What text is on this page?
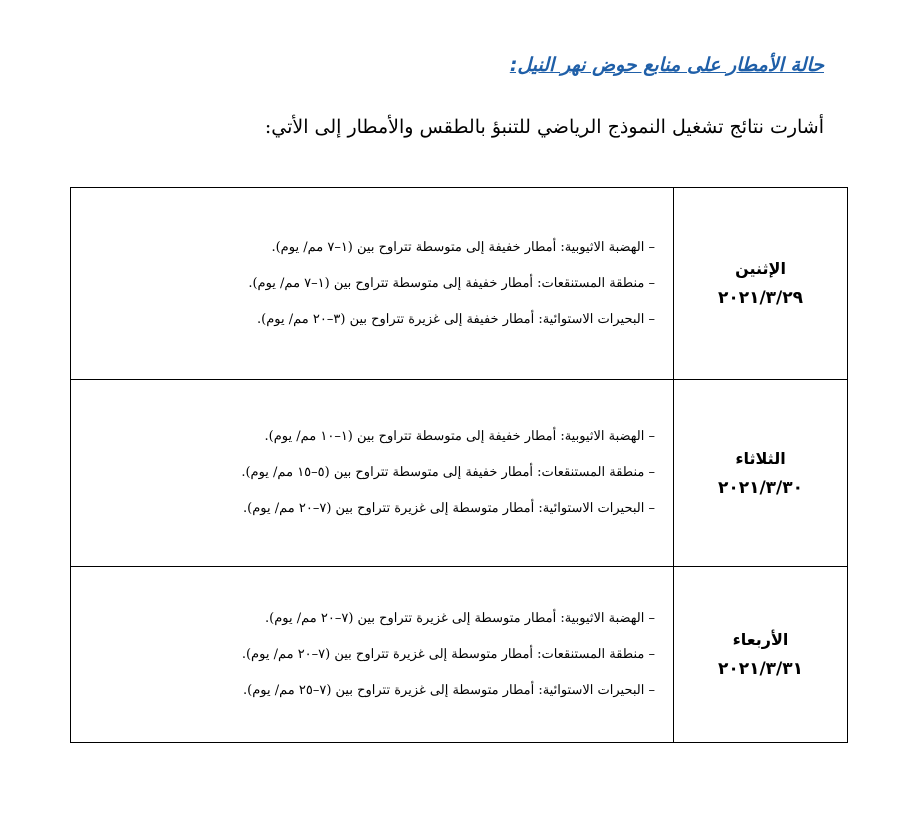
حالة الأمطار على منابع حوض نهر النيل:
أشارت نتائج تشغيل النموذج الرياضي للتنبؤ بالطقس والأمطار إلى الأتي:
الإثنين
٢٠٢١/٣/٢٩
– الهضبة الاثيوبية: أمطار خفيفة إلى متوسطة تتراوح بين (١–٧ مم/ يوم).
– منطقة المستنقعات: أمطار خفيفة إلى متوسطة تتراوح بين (١–٧ مم/ يوم).
– البحيرات الاستوائية: أمطار خفيفة إلى غزيرة تتراوح بين (٣–٢٠ مم/ يوم).
الثلاثاء
٢٠٢١/٣/٣٠
– الهضبة الاثيوبية: أمطار خفيفة إلى متوسطة تتراوح بين (١–١٠ مم/ يوم).
– منطقة المستنقعات: أمطار خفيفة إلى متوسطة تتراوح بين (٥–١٥ مم/ يوم).
– البحيرات الاستوائية: أمطار متوسطة إلى غزيرة تتراوح بين (٧–٢٠ مم/ يوم).
الأربعاء
٢٠٢١/٣/٣١
– الهضبة الاثيوبية: أمطار متوسطة إلى غزيرة تتراوح بين (٧–٢٠ مم/ يوم).
– منطقة المستنقعات: أمطار متوسطة إلى غزيرة تتراوح بين (٧–٢٠ مم/ يوم).
– البحيرات الاستوائية: أمطار متوسطة إلى غزيرة تتراوح بين (٧–٢٥ مم/ يوم).
